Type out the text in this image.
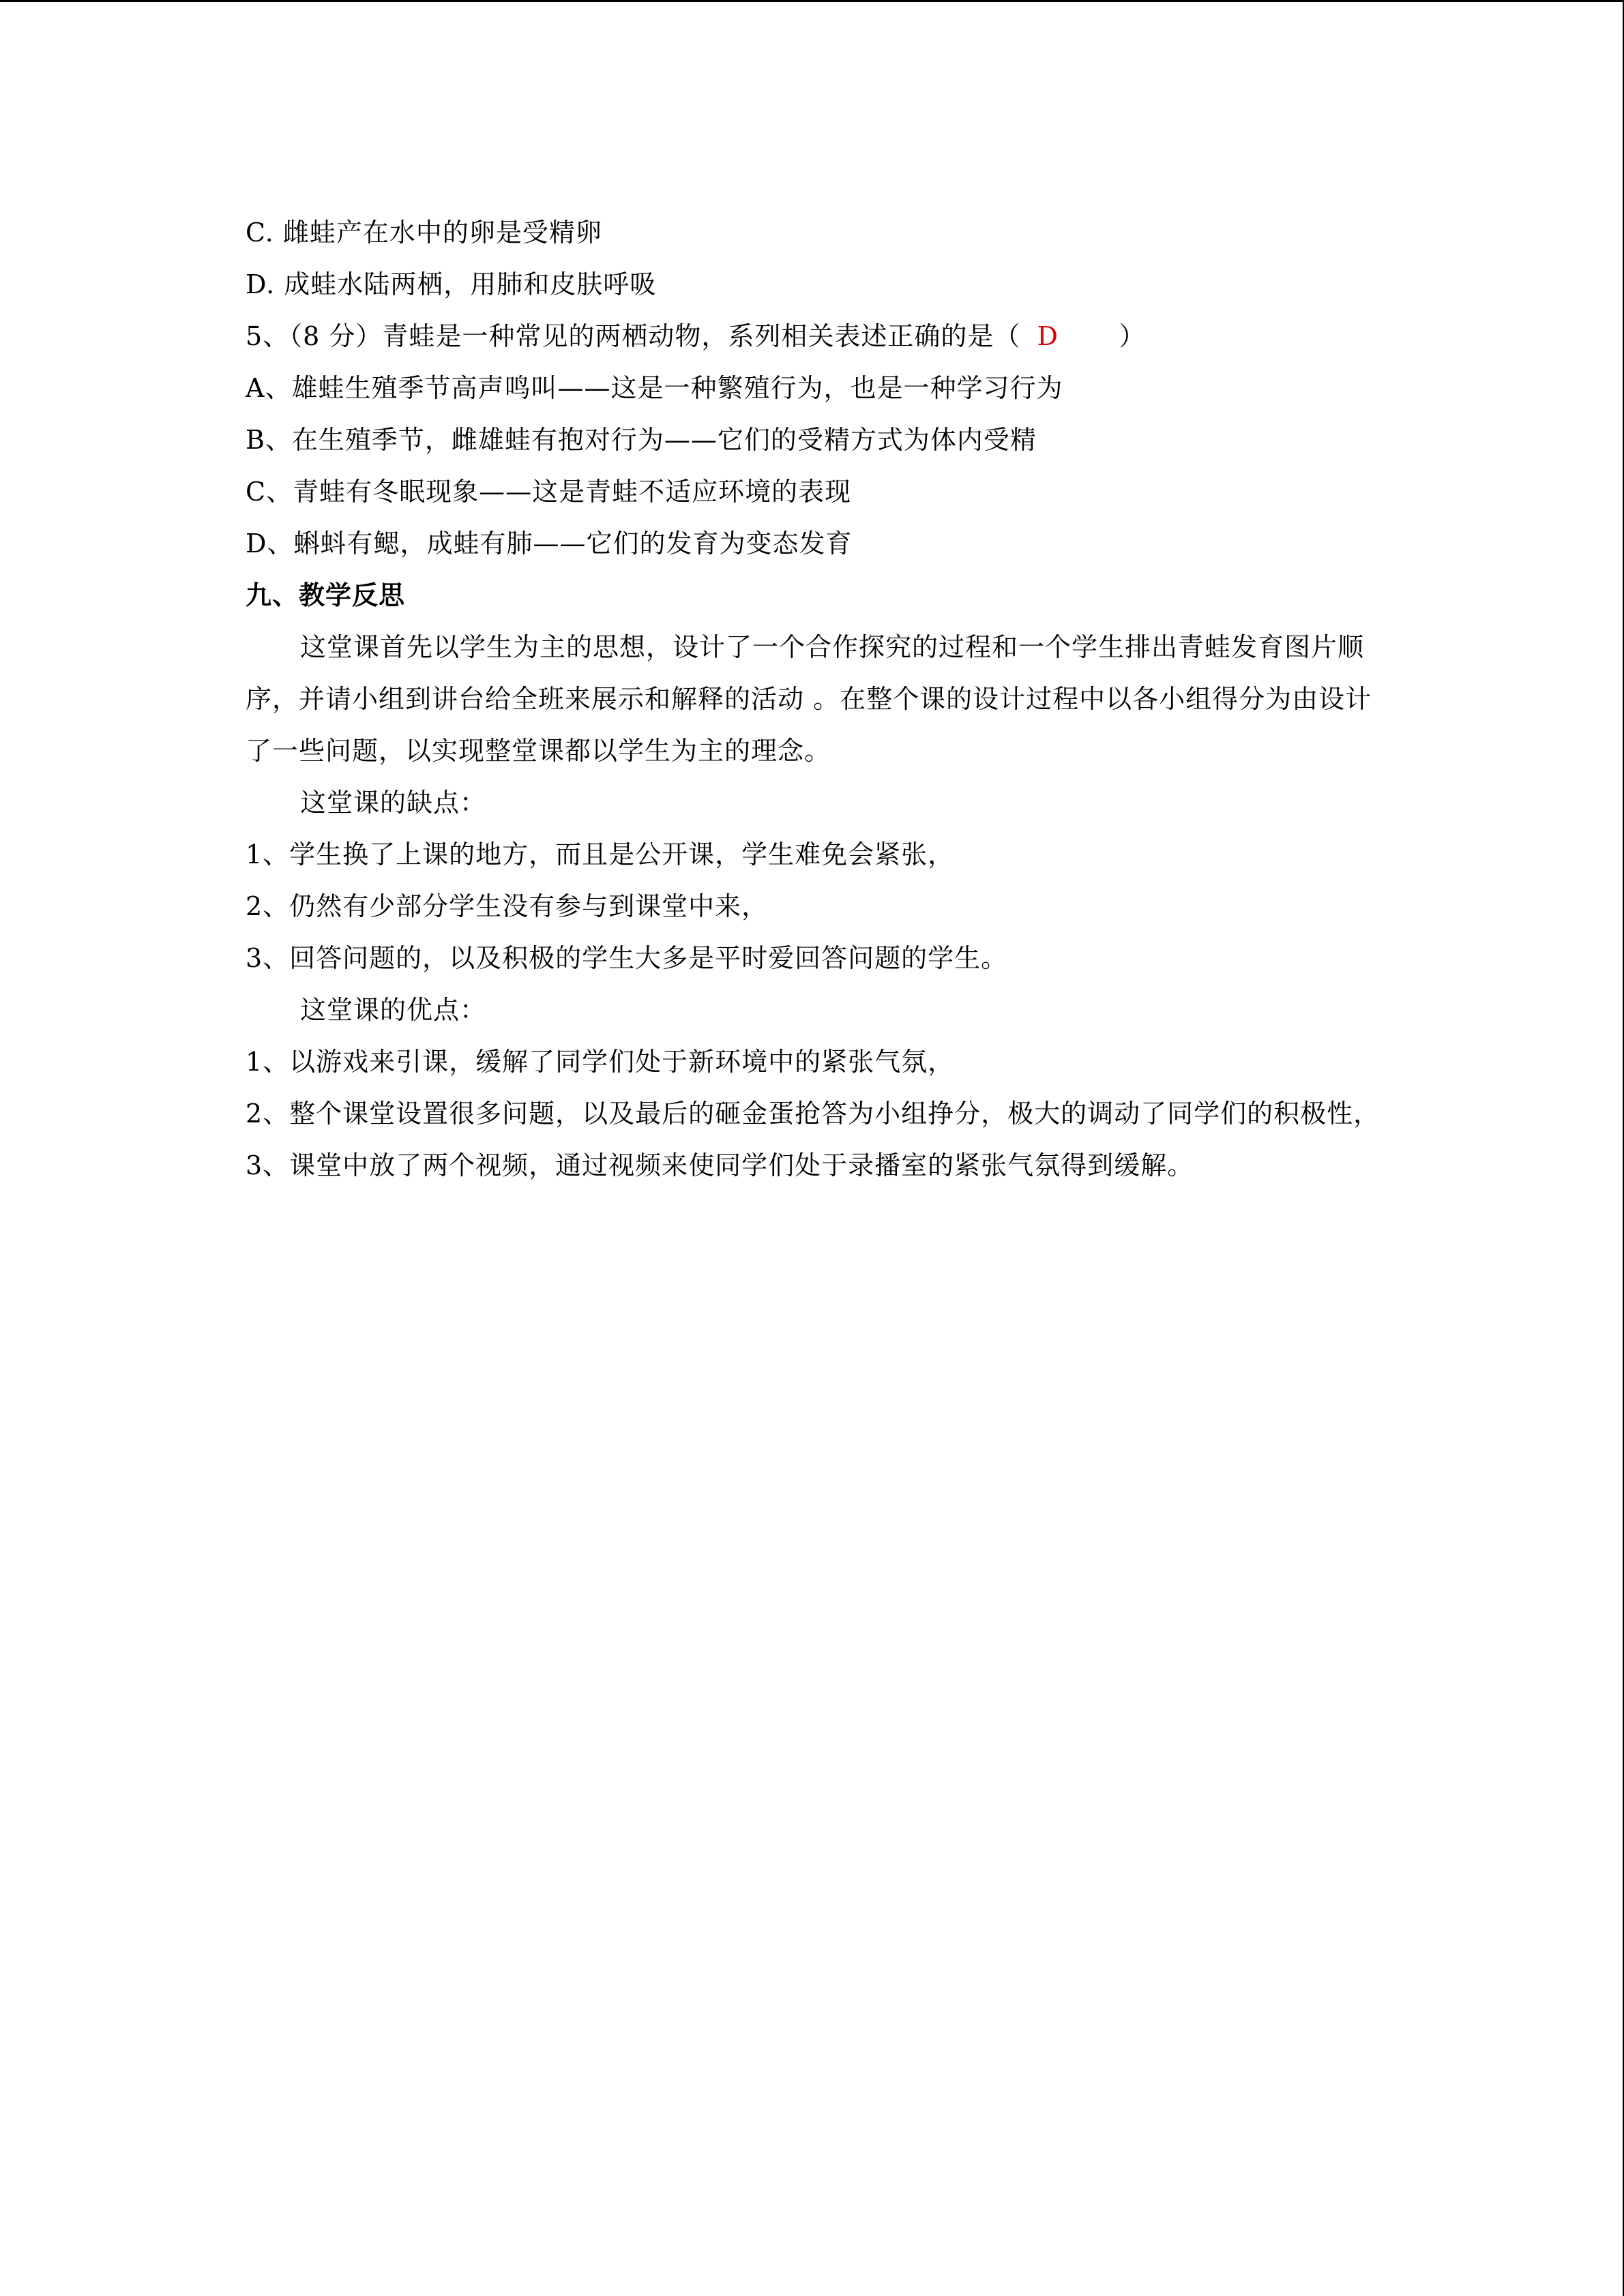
C. 雌蛙产在水中的卵是受精卵
D. 成蛙水陆两栖，用肺和皮肤呼吸
5、（8 分）青蛙是一种常见的两栖动物，系列相关表述正确的是（ D ）
A、雄蛙生殖季节高声鸣叫——这是一种繁殖行为，也是一种学习行为
B、在生殖季节，雌雄蛙有抱对行为——它们的受精方式为体内受精
C、青蛙有冬眠现象——这是青蛙不适应环境的表现
D、蝌蚪有鳃，成蛙有肺——它们的发育为变态发育
九、教学反思
这堂课首先以学生为主的思想，设计了一个合作探究的过程和一个学生排出青蛙发育图片顺序，并请小组到讲台给全班来展示和解释的活动 。在整个课的设计过程中以各小组得分为由设计了一些问题，以实现整堂课都以学生为主的理念。
这堂课的缺点：
1、学生换了上课的地方，而且是公开课，学生难免会紧张，
2、仍然有少部分学生没有参与到课堂中来，
3、回答问题的，以及积极的学生大多是平时爱回答问题的学生。
这堂课的优点：
1、以游戏来引课，缓解了同学们处于新环境中的紧张气氛，
2、整个课堂设置很多问题，以及最后的砸金蛋抢答为小组挣分，极大的调动了同学们的积极性，
3、课堂中放了两个视频，通过视频来使同学们处于录播室的紧张气氛得到缓解。
